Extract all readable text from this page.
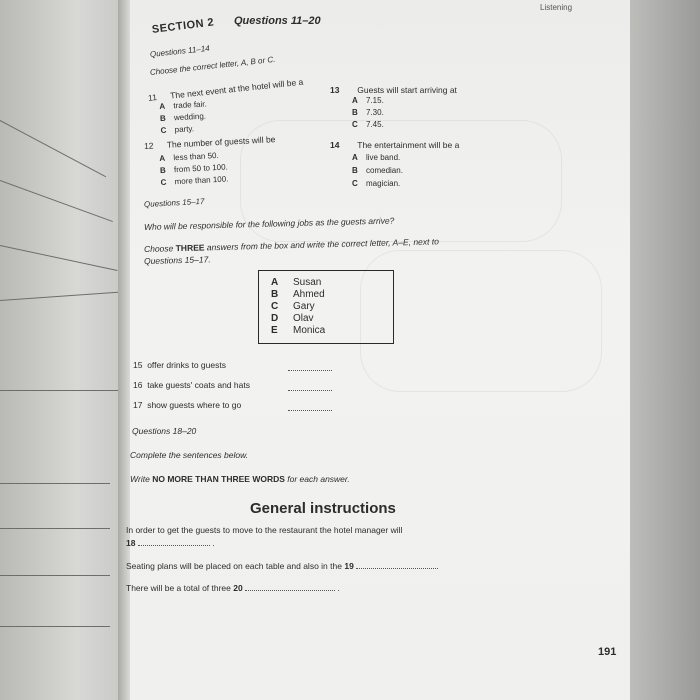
Listening
SECTION 2 Questions 11–20
Questions 11–14
Choose the correct letter, A, B or C.
11 The next event at the hotel will be a
A trade fair.
B wedding.
C party.
12 The number of guests will be
A less than 50.
B from 50 to 100.
C more than 100.
13 Guests will start arriving at
A 7.15.
B 7.30.
C 7.45.
14 The entertainment will be a
A live band.
B comedian.
C magician.
Questions 15–17
Who will be responsible for the following jobs as the guests arrive?
Choose THREE answers from the box and write the correct letter, A–E, next to
Questions 15–17.
A Susan
B Ahmed
C Gary
D Olav
E Monica
15 offer drinks to guests
16 take guests' coats and hats
17 show guests where to go
Questions 18–20
Complete the sentences below.
Write NO MORE THAN THREE WORDS for each answer.
General instructions
In order to get the guests to move to the restaurant the hotel manager will
18	.
Seating plans will be placed on each table and also in the 19
There will be a total of three 20	.
191
